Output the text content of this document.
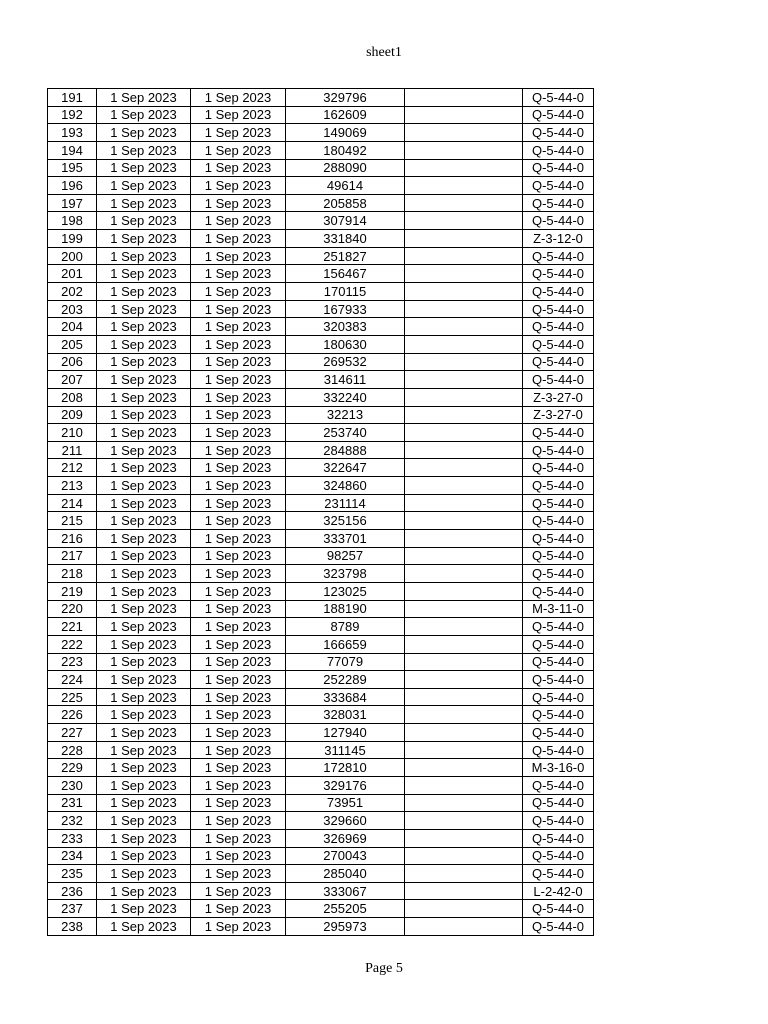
sheet1
191	1 Sep 2023	1 Sep 2023	329796		Q-5-44-0
192	1 Sep 2023	1 Sep 2023	162609		Q-5-44-0
193	1 Sep 2023	1 Sep 2023	149069		Q-5-44-0
194	1 Sep 2023	1 Sep 2023	180492		Q-5-44-0
195	1 Sep 2023	1 Sep 2023	288090		Q-5-44-0
196	1 Sep 2023	1 Sep 2023	49614		Q-5-44-0
197	1 Sep 2023	1 Sep 2023	205858		Q-5-44-0
198	1 Sep 2023	1 Sep 2023	307914		Q-5-44-0
199	1 Sep 2023	1 Sep 2023	331840		Z-3-12-0
200	1 Sep 2023	1 Sep 2023	251827		Q-5-44-0
201	1 Sep 2023	1 Sep 2023	156467		Q-5-44-0
202	1 Sep 2023	1 Sep 2023	170115		Q-5-44-0
203	1 Sep 2023	1 Sep 2023	167933		Q-5-44-0
204	1 Sep 2023	1 Sep 2023	320383		Q-5-44-0
205	1 Sep 2023	1 Sep 2023	180630		Q-5-44-0
206	1 Sep 2023	1 Sep 2023	269532		Q-5-44-0
207	1 Sep 2023	1 Sep 2023	314611		Q-5-44-0
208	1 Sep 2023	1 Sep 2023	332240		Z-3-27-0
209	1 Sep 2023	1 Sep 2023	32213		Z-3-27-0
210	1 Sep 2023	1 Sep 2023	253740		Q-5-44-0
211	1 Sep 2023	1 Sep 2023	284888		Q-5-44-0
212	1 Sep 2023	1 Sep 2023	322647		Q-5-44-0
213	1 Sep 2023	1 Sep 2023	324860		Q-5-44-0
214	1 Sep 2023	1 Sep 2023	231114		Q-5-44-0
215	1 Sep 2023	1 Sep 2023	325156		Q-5-44-0
216	1 Sep 2023	1 Sep 2023	333701		Q-5-44-0
217	1 Sep 2023	1 Sep 2023	98257		Q-5-44-0
218	1 Sep 2023	1 Sep 2023	323798		Q-5-44-0
219	1 Sep 2023	1 Sep 2023	123025		Q-5-44-0
220	1 Sep 2023	1 Sep 2023	188190		M-3-11-0
221	1 Sep 2023	1 Sep 2023	8789		Q-5-44-0
222	1 Sep 2023	1 Sep 2023	166659		Q-5-44-0
223	1 Sep 2023	1 Sep 2023	77079		Q-5-44-0
224	1 Sep 2023	1 Sep 2023	252289		Q-5-44-0
225	1 Sep 2023	1 Sep 2023	333684		Q-5-44-0
226	1 Sep 2023	1 Sep 2023	328031		Q-5-44-0
227	1 Sep 2023	1 Sep 2023	127940		Q-5-44-0
228	1 Sep 2023	1 Sep 2023	311145		Q-5-44-0
229	1 Sep 2023	1 Sep 2023	172810		M-3-16-0
230	1 Sep 2023	1 Sep 2023	329176		Q-5-44-0
231	1 Sep 2023	1 Sep 2023	73951		Q-5-44-0
232	1 Sep 2023	1 Sep 2023	329660		Q-5-44-0
233	1 Sep 2023	1 Sep 2023	326969		Q-5-44-0
234	1 Sep 2023	1 Sep 2023	270043		Q-5-44-0
235	1 Sep 2023	1 Sep 2023	285040		Q-5-44-0
236	1 Sep 2023	1 Sep 2023	333067		L-2-42-0
237	1 Sep 2023	1 Sep 2023	255205		Q-5-44-0
238	1 Sep 2023	1 Sep 2023	295973		Q-5-44-0
Page 5
